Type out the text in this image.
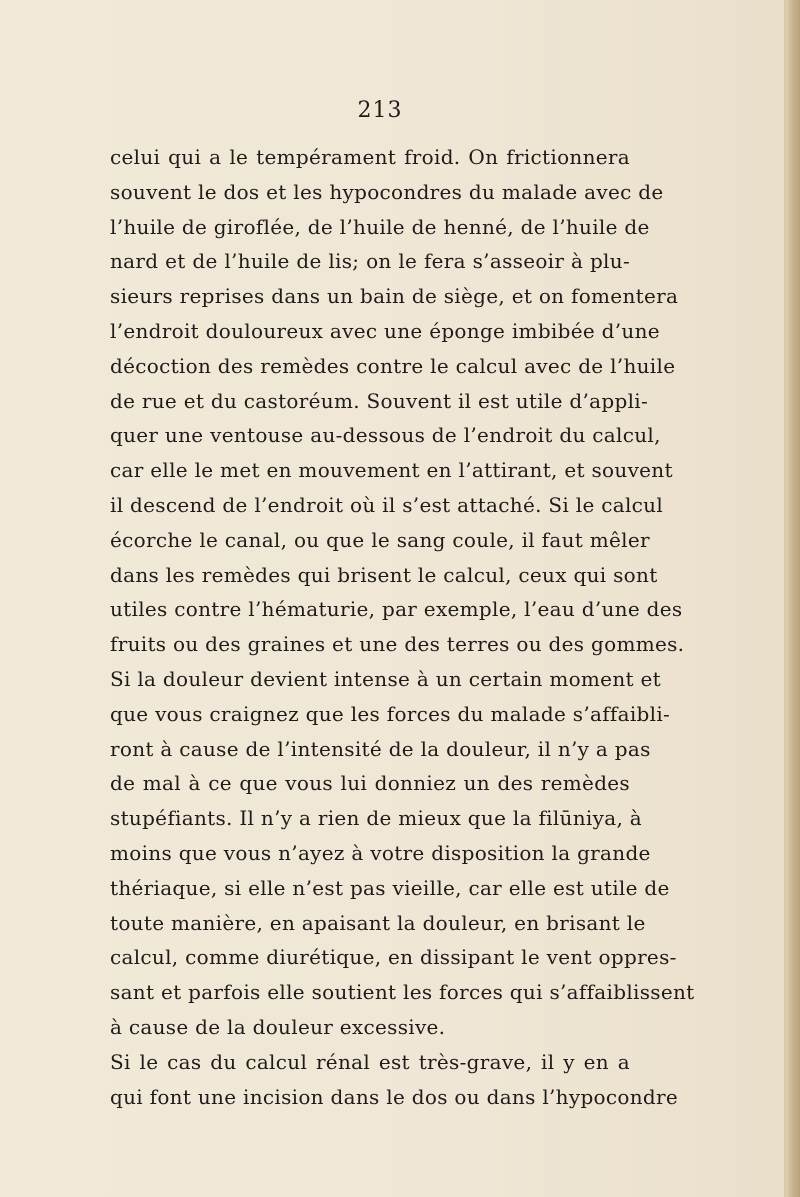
213
celui qui a le tempérament froid. On frictionnera
souvent le dos et les hypocondres du malade avec de
l’huile de giroflée, de l’huile de henné, de l’huile de
nard et de l’huile de lis; on le fera s’asseoir à plu-
sieurs reprises dans un bain de siège, et on fomentera
l’endroit douloureux avec une éponge imbibée d’une
décoction des remèdes contre le calcul avec de l’huile
de rue et du castoréum. Souvent il est utile d’appli-
quer une ventouse au-dessous de l’endroit du calcul,
car elle le met en mouvement en l’attirant, et souvent
il descend de l’endroit où il s’est attaché. Si le calcul
écorche le canal, ou que le sang coule, il faut mêler
dans les remèdes qui brisent le calcul, ceux qui sont
utiles contre l’hématurie, par exemple, l’eau d’une des
fruits ou des graines et une des terres ou des gommes.
Si la douleur devient intense à un certain moment et
que vous craignez que les forces du malade s’affaibli-
ront à cause de l’intensité de la douleur, il n’y a pas
de mal à ce que vous lui donniez un des remèdes
stupéfiants. Il n’y a rien de mieux que la filūniya, à
moins que vous n’ayez à votre disposition la grande
thériaque, si elle n’est pas vieille, car elle est utile de
toute manière, en apaisant la douleur, en brisant le
calcul, comme diurétique, en dissipant le vent oppres-
sant et parfois elle soutient les forces qui s’affaiblissent
à cause de la douleur excessive.
Si le cas du calcul rénal est très-grave, il y en a
qui font une incision dans le dos ou dans l’hypocondre
